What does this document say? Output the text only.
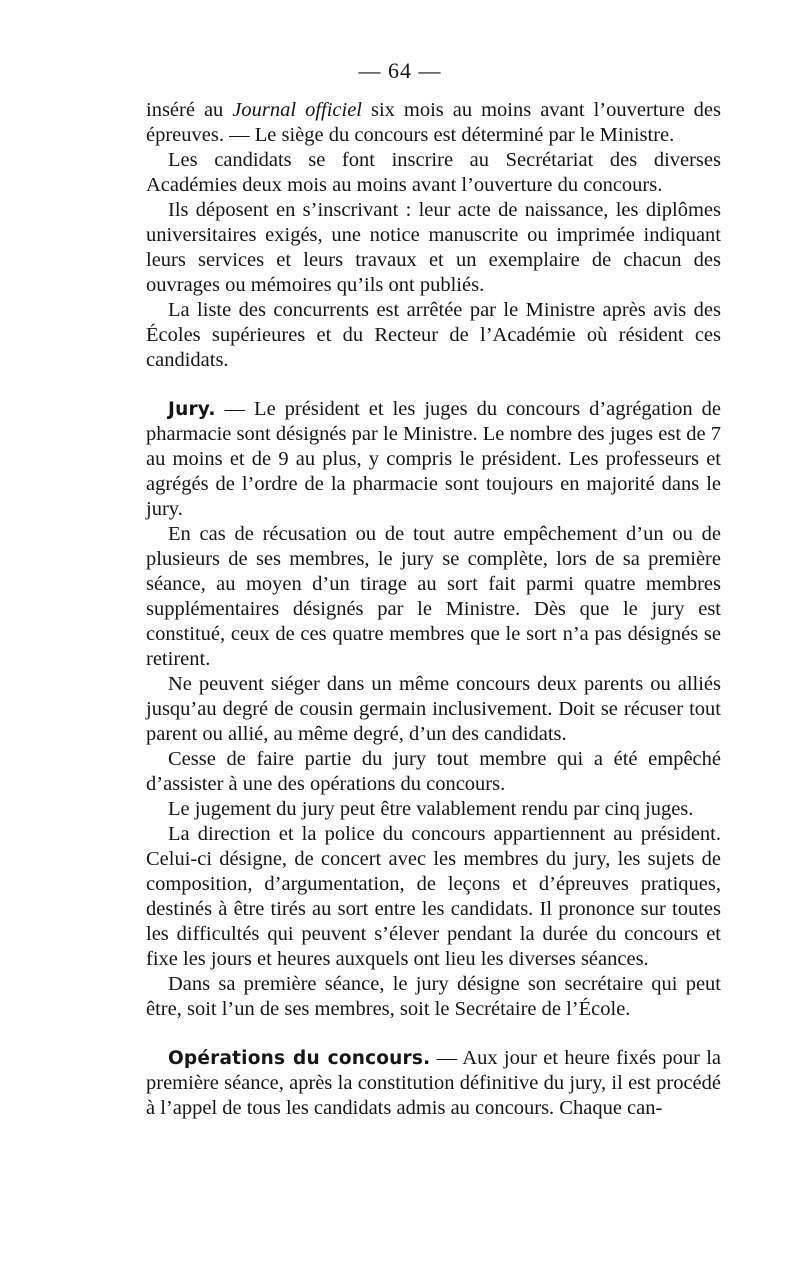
— 64 —

inséré au Journal officiel six mois au moins avant l’ouverture des épreuves. — Le siège du concours est déterminé par le Ministre.

Les candidats se font inscrire au Secrétariat des diverses Académies deux mois au moins avant l’ouverture du concours.

Ils déposent en s’inscrivant : leur acte de naissance, les diplômes universitaires exigés, une notice manuscrite ou imprimée indiquant leurs services et leurs travaux et un exemplaire de chacun des ouvrages ou mémoires qu’ils ont publiés.

La liste des concurrents est arrêtée par le Ministre après avis des Écoles supérieures et du Recteur de l’Académie où résident ces candidats.

Jury. — Le président et les juges du concours d’agrégation de pharmacie sont désignés par le Ministre. Le nombre des juges est de 7 au moins et de 9 au plus, y compris le président. Les professeurs et agrégés de l’ordre de la pharmacie sont toujours en majorité dans le jury.

En cas de récusation ou de tout autre empêchement d’un ou de plusieurs de ses membres, le jury se complète, lors de sa première séance, au moyen d’un tirage au sort fait parmi quatre membres supplémentaires désignés par le Ministre. Dès que le jury est constitué, ceux de ces quatre membres que le sort n’a pas désignés se retirent.

Ne peuvent siéger dans un même concours deux parents ou alliés jusqu’au degré de cousin germain inclusivement. Doit se récuser tout parent ou allié, au même degré, d’un des candidats.

Cesse de faire partie du jury tout membre qui a été empêché d’assister à une des opérations du concours.

Le jugement du jury peut être valablement rendu par cinq juges.

La direction et la police du concours appartiennent au président. Celui-ci désigne, de concert avec les membres du jury, les sujets de composition, d’argumentation, de leçons et d’épreuves pratiques, destinés à être tirés au sort entre les candidats. Il prononce sur toutes les difficultés qui peuvent s’élever pendant la durée du concours et fixe les jours et heures auxquels ont lieu les diverses séances.

Dans sa première séance, le jury désigne son secrétaire qui peut être, soit l’un de ses membres, soit le Secrétaire de l’École.

Opérations du concours. — Aux jour et heure fixés pour la première séance, après la constitution définitive du jury, il est procédé à l’appel de tous les candidats admis au concours. Chaque can-
